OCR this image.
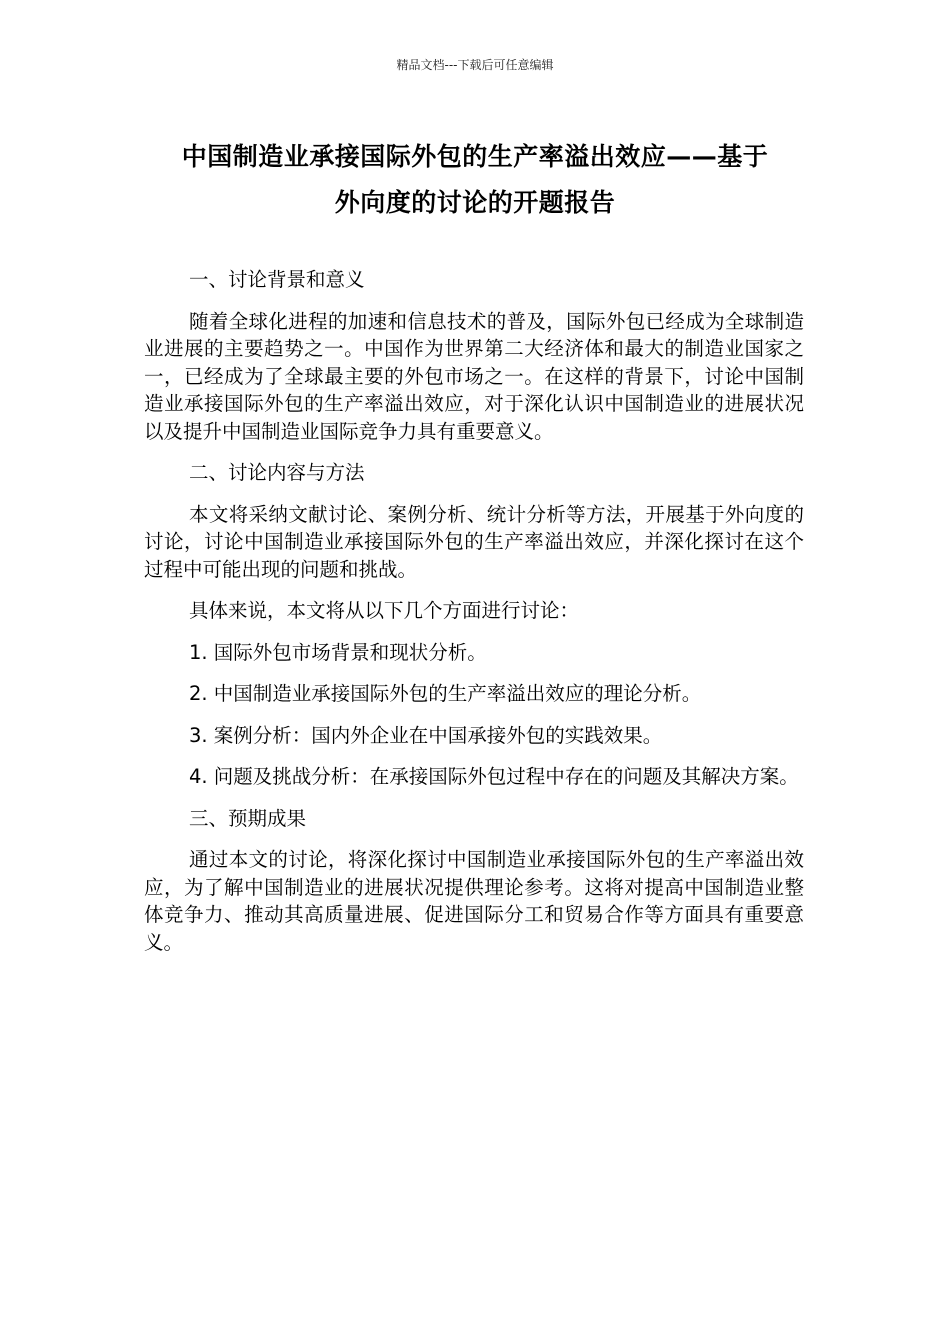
精品文档---下载后可任意编辑
中国制造业承接国际外包的生产率溢出效应——基于
外向度的讨论的开题报告

一、讨论背景和意义

随着全球化进程的加速和信息技术的普及，国际外包已经成为全球制造业进展的主要趋势之一。中国作为世界第二大经济体和最大的制造业国家之一，已经成为了全球最主要的外包市场之一。在这样的背景下，讨论中国制造业承接国际外包的生产率溢出效应，对于深化认识中国制造业的进展状况以及提升中国制造业国际竞争力具有重要意义。

二、讨论内容与方法

本文将采纳文献讨论、案例分析、统计分析等方法，开展基于外向度的讨论，讨论中国制造业承接国际外包的生产率溢出效应，并深化探讨在这个过程中可能出现的问题和挑战。

具体来说，本文将从以下几个方面进行讨论：

1. 国际外包市场背景和现状分析。

2. 中国制造业承接国际外包的生产率溢出效应的理论分析。

3. 案例分析：国内外企业在中国承接外包的实践效果。

4. 问题及挑战分析：在承接国际外包过程中存在的问题及其解决方案。

三、预期成果

通过本文的讨论，将深化探讨中国制造业承接国际外包的生产率溢出效应，为了解中国制造业的进展状况提供理论参考。这将对提高中国制造业整体竞争力、推动其高质量进展、促进国际分工和贸易合作等方面具有重要意义。
